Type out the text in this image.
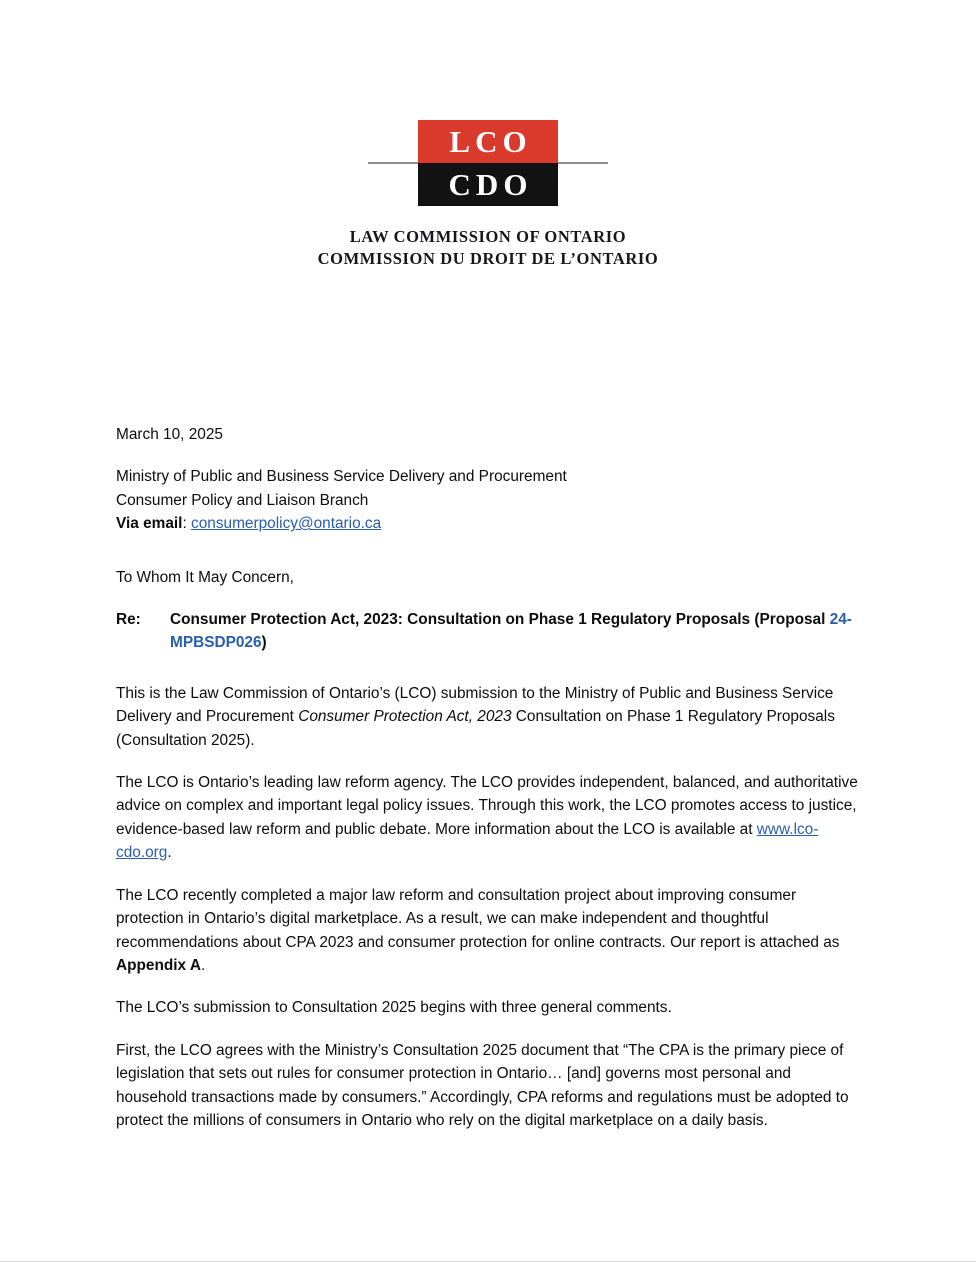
LCO
CDO
LAW COMMISSION OF ONTARIO
COMMISSION DU DROIT DE L’ONTARIO

March 10, 2025

Ministry of Public and Business Service Delivery and Procurement
Consumer Policy and Liaison Branch
Via email: consumerpolicy@ontario.ca

To Whom It May Concern,

Re: Consumer Protection Act, 2023: Consultation on Phase 1 Regulatory Proposals (Proposal 24-MPBSDP026)

This is the Law Commission of Ontario’s (LCO) submission to the Ministry of Public and Business Service Delivery and Procurement Consumer Protection Act, 2023 Consultation on Phase 1 Regulatory Proposals (Consultation 2025).

The LCO is Ontario’s leading law reform agency. The LCO provides independent, balanced, and authoritative advice on complex and important legal policy issues. Through this work, the LCO promotes access to justice, evidence-based law reform and public debate. More information about the LCO is available at www.lco-cdo.org.

The LCO recently completed a major law reform and consultation project about improving consumer protection in Ontario’s digital marketplace. As a result, we can make independent and thoughtful recommendations about CPA 2023 and consumer protection for online contracts. Our report is attached as Appendix A.

The LCO’s submission to Consultation 2025 begins with three general comments.

First, the LCO agrees with the Ministry’s Consultation 2025 document that “The CPA is the primary piece of legislation that sets out rules for consumer protection in Ontario… [and] governs most personal and household transactions made by consumers.” Accordingly, CPA reforms and regulations must be adopted to protect the millions of consumers in Ontario who rely on the digital marketplace on a daily basis.
